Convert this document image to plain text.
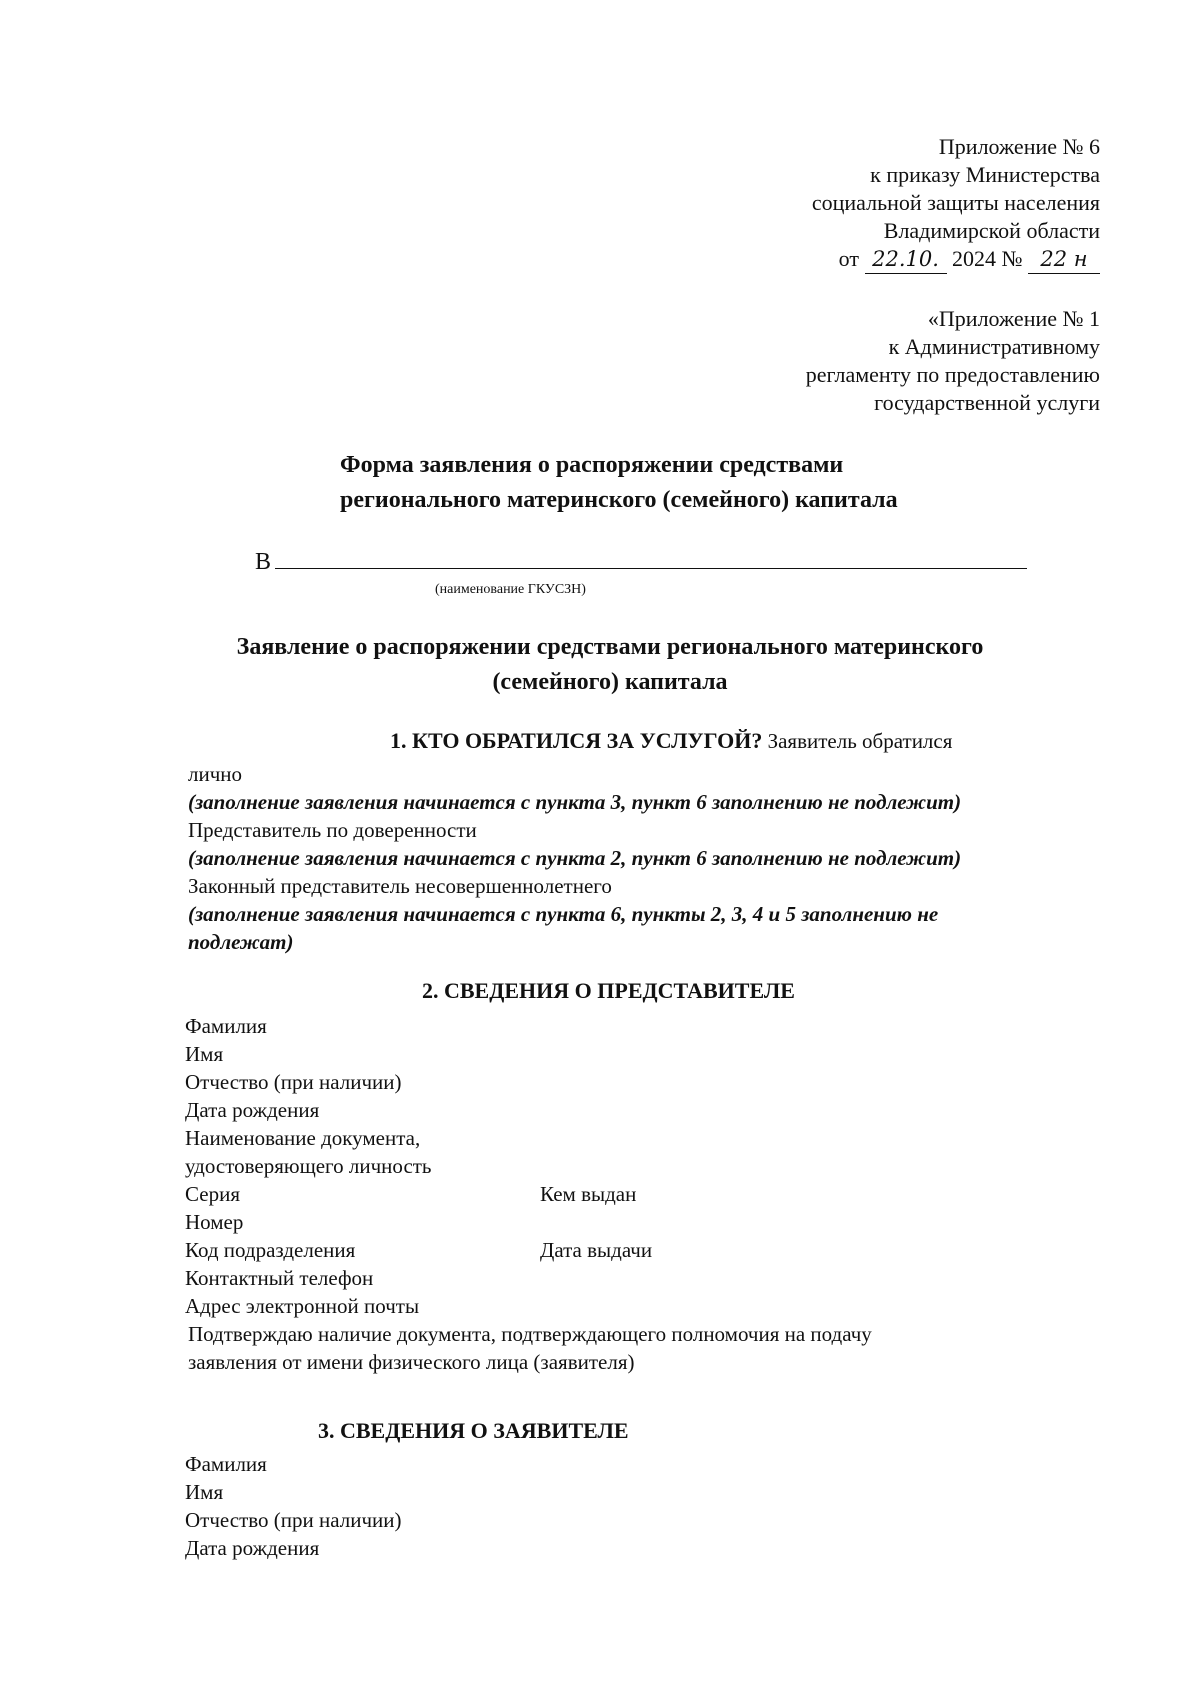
Приложение № 6
к приказу Министерства
социальной защиты населения
Владимирской области
от 22.10. 2024 № 22 н
«Приложение № 1
к Административному
регламенту по предоставлению
государственной услуги
Форма заявления о распоряжении средствами
регионального материнского (семейного) капитала
В
(наименование ГКУСЗН)
Заявление о распоряжении средствами регионального материнского
(семейного) капитала
1. КТО ОБРАТИЛСЯ ЗА УСЛУГОЙ? Заявитель обратился
лично
(заполнение заявления начинается с пункта 3, пункт 6 заполнению не подлежит)
Представитель по доверенности
(заполнение заявления начинается с пункта 2, пункт 6 заполнению не подлежит)
Законный представитель несовершеннолетнего
(заполнение заявления начинается с пункта 6, пункты 2, 3, 4 и 5 заполнению не
подлежат)
2. СВЕДЕНИЯ О ПРЕДСТАВИТЕЛЕ
Фамилия
Имя
Отчество (при наличии)
Дата рождения
Наименование документа,
удостоверяющего личность
Серия	Кем выдан
Номер
Код подразделения	Дата выдачи
Контактный телефон
Адрес электронной почты
Подтверждаю наличие документа, подтверждающего полномочия на подачу
заявления от имени физического лица (заявителя)
3. СВЕДЕНИЯ О ЗАЯВИТЕЛЕ
Фамилия
Имя
Отчество (при наличии)
Дата рождения
